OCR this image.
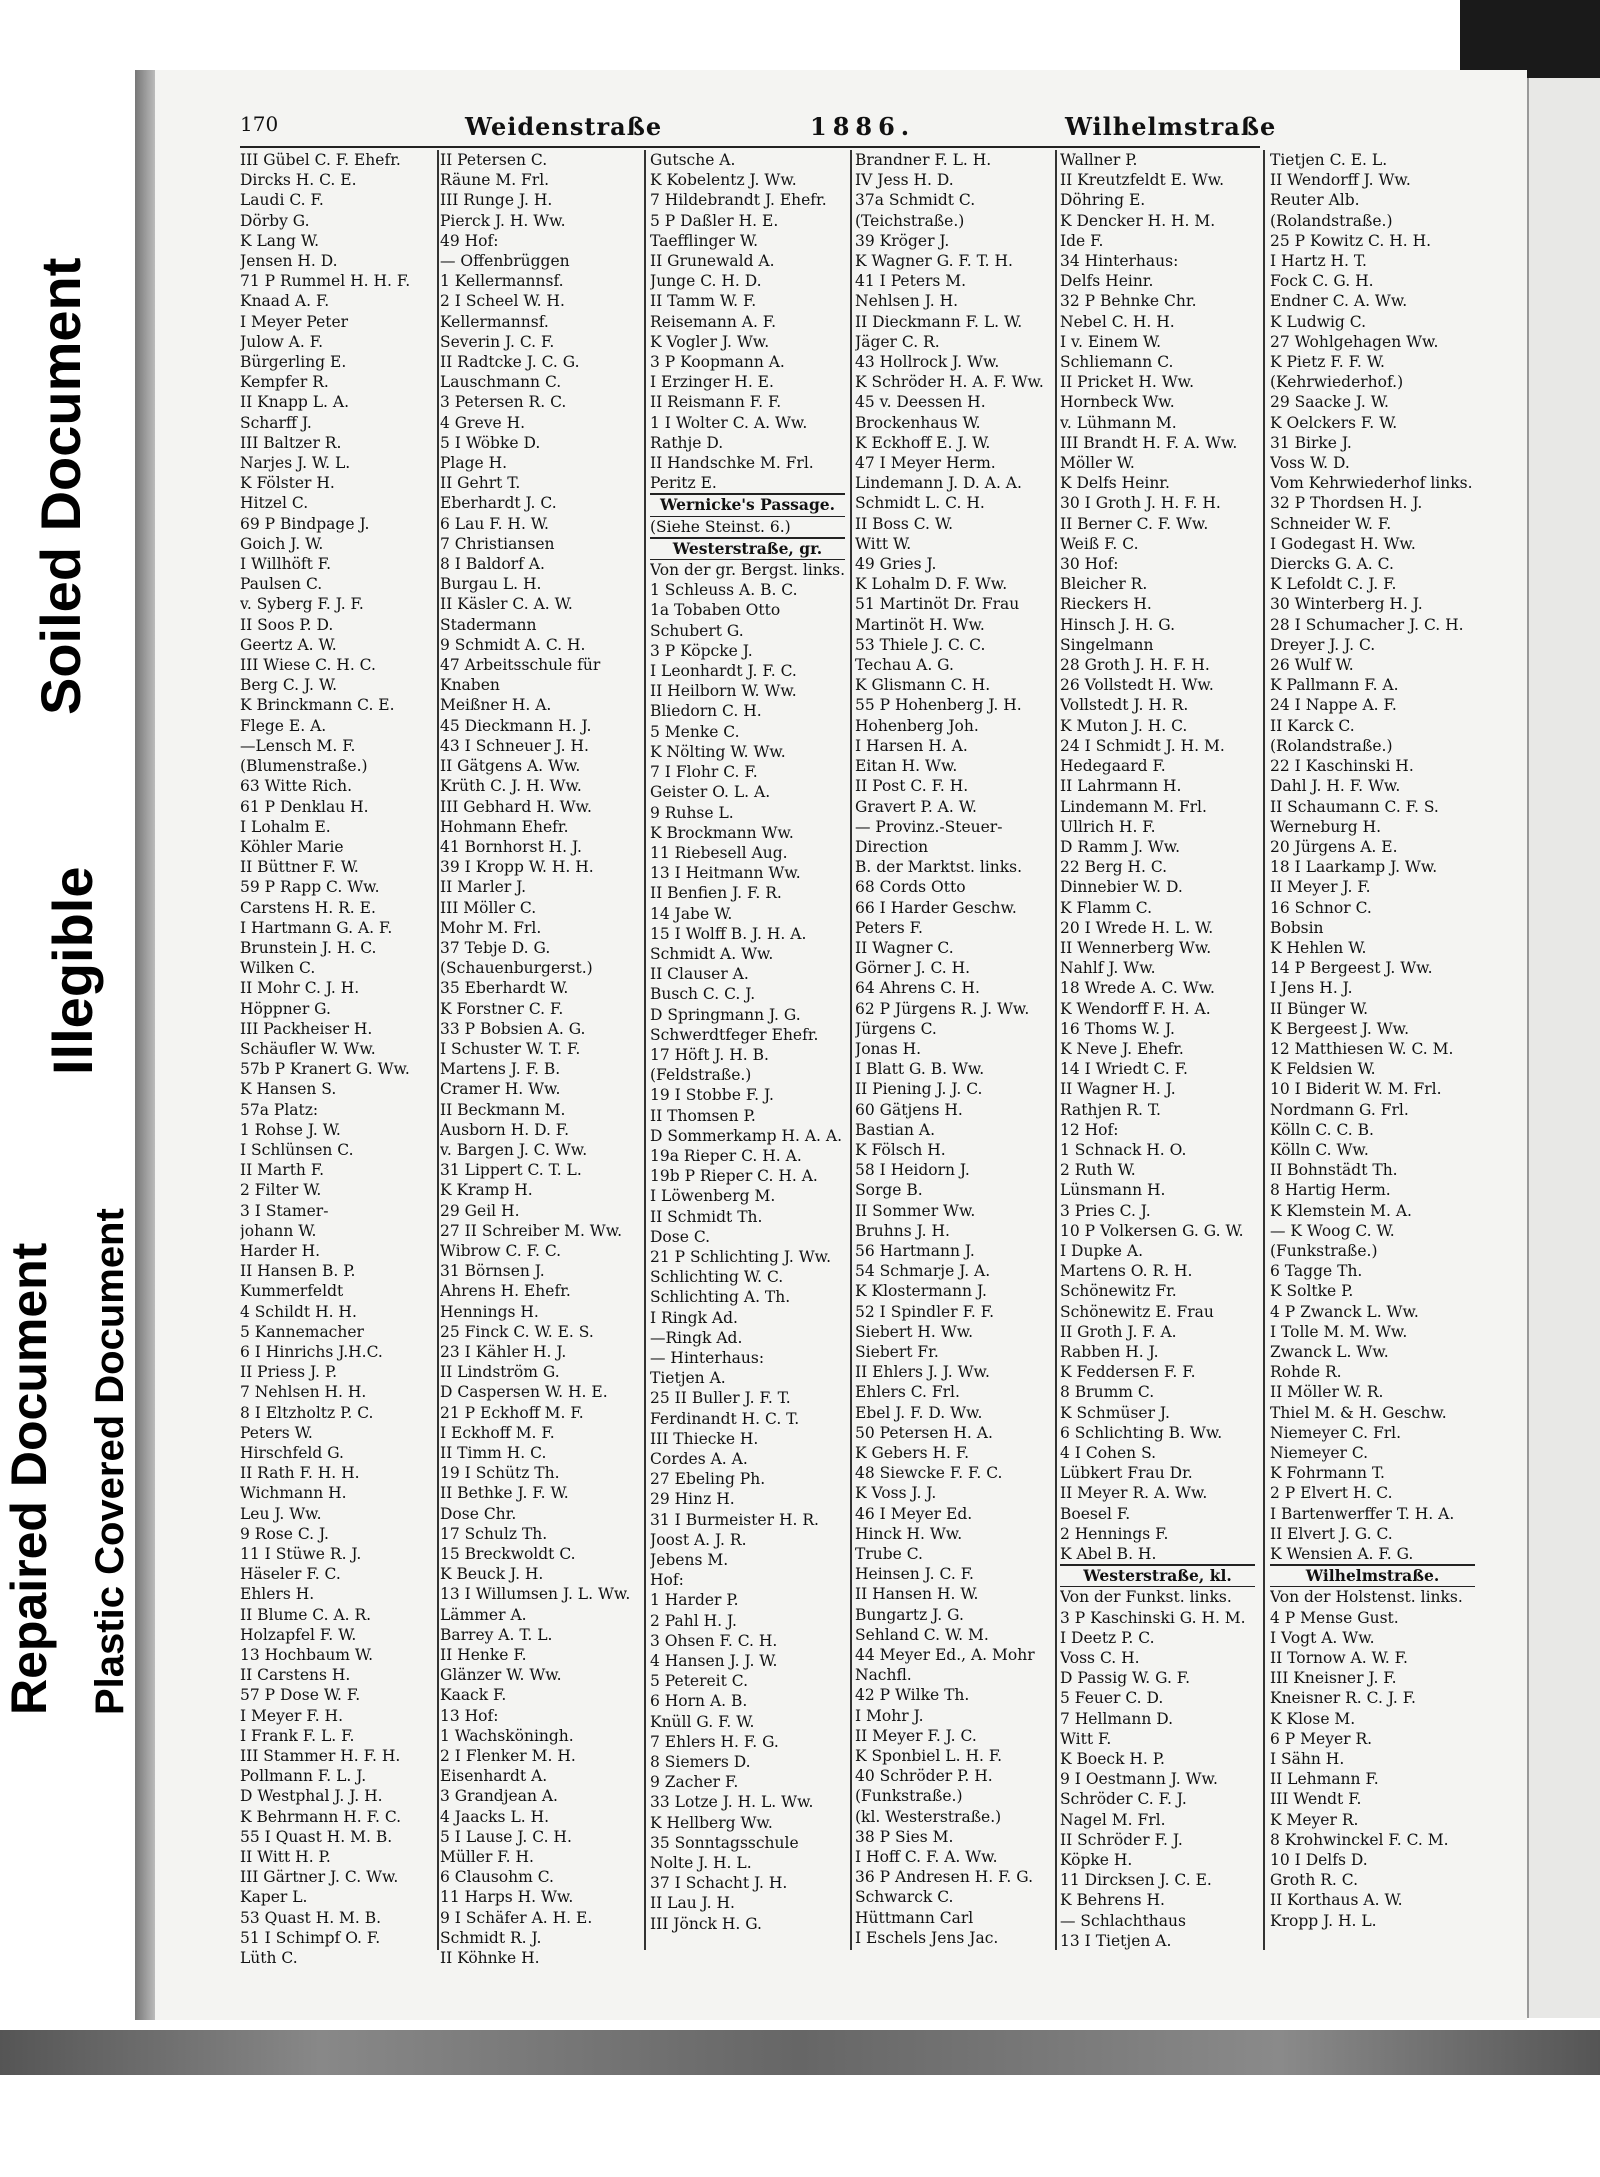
Soiled Document
Illegible
Repaired Document Plastic Covered Document
170	Weidenstraße	1886.	Wilhelmstraße
III Gübel C. F. Ehefr.
Dircks H. C. E.
Laudi C. F.
Dörby G.
K Lang W.
Jensen H. D.
71 P Rummel H. H. F.
Knaad A. F.
I Meyer Peter
Julow A. F.
Bürgerling E.
Kempfer R.
II Knapp L. A.
Scharff J.
III Baltzer R.
Narjes J. W. L.
K Fölster H.
Hitzel C.
69 P Bindpage J.
Goich J. W.
I Willhöft F.
Paulsen C.
v. Syberg F. J. F.
II Soos P. D.
Geertz A. W.
III Wiese C. H. C.
Berg C. J. W.
K Brinckmann C. E.
Flege E. A.
—Lensch M. F.
(Blumenstraße.)
63 Witte Rich.
61 P Denklau H.
I Lohalm E.
Köhler Marie
II Büttner F. W.
59 P Rapp C. Ww.
Carstens H. R. E.
I Hartmann G. A. F.
Brunstein J. H. C.
Wilken C.
II Mohr C. J. H.
Höppner G.
III Packheiser H.
Schäufler W. Ww.
57b P Kranert G. Ww.
K Hansen S.
57a Platz:
1 Rohse J. W.
I Schlünsen C.
II Marth F.
2 Filter W.
3 I Stamer-
johann W.
Harder H.
II Hansen B. P.
Kummerfeldt
4 Schildt H. H.
5 Kannemacher
6 I Hinrichs J.H.C.
II Priess J. P.
7 Nehlsen H. H.
8 I Eltzholtz P. C.
Peters W.
Hirschfeld G.
II Rath F. H. H.
Wichmann H.
Leu J. Ww.
9 Rose C. J.
11 I Stüwe R. J.
Häseler F. C.
Ehlers H.
II Blume C. A. R.
Holzapfel F. W.
13 Hochbaum W.
II Carstens H.
57 P Dose W. F.
I Meyer F. H.
I Frank F. L. F.
III Stammer H. F. H.
Pollmann F. L. J.
D Westphal J. J. H.
K Behrmann H. F. C.
55 I Quast H. M. B.
II Witt H. P.
III Gärtner J. C. Ww.
Kaper L.
53 Quast H. M. B.
51 I Schimpf O. F.
Lüth C.
II Petersen C.
Räune M. Frl.
III Runge J. H.
Pierck J. H. Ww.
49 Hof:
— Offenbrüggen
1 Kellermannsf.
2 I Scheel W. H.
Kellermannsf.
Severin J. C. F.
II Radtcke J. C. G.
Lauschmann C.
3 Petersen R. C.
4 Greve H.
5 I Wöbke D.
Plage H.
II Gehrt T.
Eberhardt J. C.
6 Lau F. H. W.
7 Christiansen
8 I Baldorf A.
Burgau L. H.
II Käsler C. A. W.
Stadermann
9 Schmidt A. C. H.
47 Arbeitsschule für
Knaben
Meißner H. A.
45 Dieckmann H. J.
43 I Schneuer J. H.
II Gätgens A. Ww.
Krüth C. J. H. Ww.
III Gebhard H. Ww.
Hohmann Ehefr.
41 Bornhorst H. J.
39 I Kropp W. H. H.
II Marler J.
III Möller C.
Mohr M. Frl.
37 Tebje D. G.
(Schauenburgerst.)
35 Eberhardt W.
K Forstner C. F.
33 P Bobsien A. G.
I Schuster W. T. F.
Martens J. F. B.
Cramer H. Ww.
II Beckmann M.
Ausborn H. D. F.
v. Bargen J. C. Ww.
31 Lippert C. T. L.
K Kramp H.
29 Geil H.
27 II Schreiber M. Ww.
Wibrow C. F. C.
31 Börnsen J.
Ahrens H. Ehefr.
Hennings H.
25 Finck C. W. E. S.
23 I Kähler H. J.
II Lindström G.
D Caspersen W. H. E.
21 P Eckhoff M. F.
I Eckhoff M. F.
II Timm H. C.
19 I Schütz Th.
II Bethke J. F. W.
Dose Chr.
17 Schulz Th.
15 Breckwoldt C.
K Beuck J. H.
13 I Willumsen J. L. Ww.
Lämmer A.
Barrey A. T. L.
II Henke F.
Glänzer W. Ww.
Kaack F.
13 Hof:
1 Wachsköningh.
2 I Flenker M. H.
Eisenhardt A.
3 Grandjean A.
4 Jaacks L. H.
5 I Lause J. C. H.
Müller F. H.
6 Clausohm C.
11 Harps H. Ww.
9 I Schäfer A. H. E.
Schmidt R. J.
II Köhnke H.
Gutsche A.
K Kobelentz J. Ww.
7 Hildebrandt J. Ehefr.
5 P Daßler H. E.
Taefflinger W.
II Grunewald A.
Junge C. H. D.
II Tamm W. F.
Reisemann A. F.
K Vogler J. Ww.
3 P Koopmann A.
I Erzinger H. E.
II Reismann F. F.
1 I Wolter C. A. Ww.
Rathje D.
II Handschke M. Frl.
Peritz E.
Wernicke's Passage.
(Siehe Steinst. 6.)
Westerstraße, gr.
Von der gr. Bergst. links.
1 Schleuss A. B. C.
1a Tobaben Otto
Schubert G.
3 P Köpcke J.
I Leonhardt J. F. C.
II Heilborn W. Ww.
Bliedorn C. H.
5 Menke C.
K Nölting W. Ww.
7 I Flohr C. F.
Geister O. L. A.
9 Ruhse L.
K Brockmann Ww.
11 Riebesell Aug.
13 I Heitmann Ww.
II Benfien J. F. R.
14 Jabe W.
15 I Wolff B. J. H. A.
Schmidt A. Ww.
II Clauser A.
Busch C. C. J.
D Springmann J. G.
Schwerdtfeger Ehefr.
17 Höft J. H. B.
(Feldstraße.)
19 I Stobbe F. J.
II Thomsen P.
D Sommerkamp H. A. A.
19a Rieper C. H. A.
19b P Rieper C. H. A.
I Löwenberg M.
II Schmidt Th.
Dose C.
21 P Schlichting J. Ww.
Schlichting W. C.
Schlichting A. Th.
I Ringk Ad.
—Ringk Ad.
— Hinterhaus:
Tietjen A.
25 II Buller J. F. T.
Ferdinandt H. C. T.
III Thiecke H.
Cordes A. A.
27 Ebeling Ph.
29 Hinz H.
31 I Burmeister H. R.
Joost A. J. R.
Jebens M.
Hof:
1 Harder P.
2 Pahl H. J.
3 Ohsen F. C. H.
4 Hansen J. J. W.
5 Petereit C.
6 Horn A. B.
Knüll G. F. W.
7 Ehlers H. F. G.
8 Siemers D.
9 Zacher F.
33 Lotze J. H. L. Ww.
K Hellberg Ww.
35 Sonntagsschule
Nolte J. H. L.
37 I Schacht J. H.
II Lau J. H.
III Jönck H. G.
Brandner F. L. H.
IV Jess H. D.
37a Schmidt C.
(Teichstraße.)
39 Kröger J.
K Wagner G. F. T. H.
41 I Peters M.
Nehlsen J. H.
II Dieckmann F. L. W.
Jäger C. R.
43 Hollrock J. Ww.
K Schröder H. A. F. Ww.
45 v. Deessen H.
Brockenhaus W.
K Eckhoff E. J. W.
47 I Meyer Herm.
Lindemann J. D. A. A.
Schmidt L. C. H.
II Boss C. W.
Witt W.
49 Gries J.
K Lohalm D. F. Ww.
51 Martinöt Dr. Frau
Martinöt H. Ww.
53 Thiele J. C. C.
Techau A. G.
K Glismann C. H.
55 P Hohenberg J. H.
Hohenberg Joh.
I Harsen H. A.
Eitan H. Ww.
II Post C. F. H.
Gravert P. A. W.
— Provinz.-Steuer-
Direction
B. der Marktst. links.
68 Cords Otto
66 I Harder Geschw.
Peters F.
II Wagner C.
Görner J. C. H.
64 Ahrens C. H.
62 P Jürgens R. J. Ww.
Jürgens C.
Jonas H.
I Blatt G. B. Ww.
II Piening J. J. C.
60 Gätjens H.
Bastian A.
K Fölsch H.
58 I Heidorn J.
Sorge B.
II Sommer Ww.
Bruhns J. H.
56 Hartmann J.
54 Schmarje J. A.
K Klostermann J.
52 I Spindler F. F.
Siebert H. Ww.
Siebert Fr.
II Ehlers J. J. Ww.
Ehlers C. Frl.
Ebel J. F. D. Ww.
50 Petersen H. A.
K Gebers H. F.
48 Siewcke F. F. C.
K Voss J. J.
46 I Meyer Ed.
Hinck H. Ww.
Trube C.
Heinsen J. C. F.
II Hansen H. W.
Bungartz J. G.
Sehland C. W. M.
44 Meyer Ed., A. Mohr
Nachfl.
42 P Wilke Th.
I Mohr J.
II Meyer F. J. C.
K Sponbiel L. H. F.
40 Schröder P. H.
(Funkstraße.)
(kl. Westerstraße.)
38 P Sies M.
I Hoff C. F. A. Ww.
36 P Andresen H. F. G.
Schwarck C.
Hüttmann Carl
I Eschels Jens Jac.
Wallner P.
II Kreutzfeldt E. Ww.
Döhring E.
K Dencker H. H. M.
Ide F.
34 Hinterhaus:
Delfs Heinr.
32 P Behnke Chr.
Nebel C. H. H.
I v. Einem W.
Schliemann C.
II Pricket H. Ww.
Hornbeck Ww.
v. Lühmann M.
III Brandt H. F. A. Ww.
Möller W.
K Delfs Heinr.
30 I Groth J. H. F. H.
II Berner C. F. Ww.
Weiß F. C.
30 Hof:
Bleicher R.
Rieckers H.
Hinsch J. H. G.
Singelmann
28 Groth J. H. F. H.
26 Vollstedt H. Ww.
Vollstedt J. H. R.
K Muton J. H. C.
24 I Schmidt J. H. M.
Hedegaard F.
II Lahrmann H.
Lindemann M. Frl.
Ullrich H. F.
D Ramm J. Ww.
22 Berg H. C.
Dinnebier W. D.
K Flamm C.
20 I Wrede H. L. W.
II Wennerberg Ww.
Nahlf J. Ww.
18 Wrede A. C. Ww.
K Wendorff F. H. A.
16 Thoms W. J.
K Neve J. Ehefr.
14 I Wriedt C. F.
II Wagner H. J.
Rathjen R. T.
12 Hof:
1 Schnack H. O.
2 Ruth W.
Lünsmann H.
3 Pries C. J.
10 P Volkersen G. G. W.
I Dupke A.
Martens O. R. H.
Schönewitz Fr.
Schönewitz E. Frau
II Groth J. F. A.
Rabben H. J.
K Feddersen F. F.
8 Brumm C.
K Schmüser J.
6 Schlichting B. Ww.
4 I Cohen S.
Lübkert Frau Dr.
II Meyer R. A. Ww.
Boesel F.
2 Hennings F.
K Abel B. H.
Westerstraße, kl.
Von der Funkst. links.
3 P Kaschinski G. H. M.
I Deetz P. C.
Voss C. H.
D Passig W. G. F.
5 Feuer C. D.
7 Hellmann D.
Witt F.
K Boeck H. P.
9 I Oestmann J. Ww.
Schröder C. F. J.
Nagel M. Frl.
II Schröder F. J.
Köpke H.
11 Dircksen J. C. E.
K Behrens H.
— Schlachthaus
13 I Tietjen A.
Tietjen C. E. L.
II Wendorff J. Ww.
Reuter Alb.
(Rolandstraße.)
25 P Kowitz C. H. H.
I Hartz H. T.
Fock C. G. H.
Endner C. A. Ww.
K Ludwig C.
27 Wohlgehagen Ww.
K Pietz F. F. W.
(Kehrwiederhof.)
29 Saacke J. W.
K Oelckers F. W.
31 Birke J.
Voss W. D.
Vom Kehrwiederhof links.
32 P Thordsen H. J.
Schneider W. F.
I Godegast H. Ww.
Diercks G. A. C.
K Lefoldt C. J. F.
30 Winterberg H. J.
28 I Schumacher J. C. H.
Dreyer J. J. C.
26 Wulf W.
K Pallmann F. A.
24 I Nappe A. F.
II Karck C.
(Rolandstraße.)
22 I Kaschinski H.
Dahl J. H. F. Ww.
II Schaumann C. F. S.
Werneburg H.
20 Jürgens A. E.
18 I Laarkamp J. Ww.
II Meyer J. F.
16 Schnor C.
Bobsin
K Hehlen W.
14 P Bergeest J. Ww.
I Jens H. J.
II Bünger W.
K Bergeest J. Ww.
12 Matthiesen W. C. M.
K Feldsien W.
10 I Biderit W. M. Frl.
Nordmann G. Frl.
Kölln C. C. B.
Kölln C. Ww.
II Bohnstädt Th.
8 Hartig Herm.
K Klemstein M. A.
— K Woog C. W.
(Funkstraße.)
6 Tagge Th.
K Soltke P.
4 P Zwanck L. Ww.
I Tolle M. M. Ww.
Zwanck L. Ww.
Rohde R.
II Möller W. R.
Thiel M. & H. Geschw.
Niemeyer C. Frl.
Niemeyer C.
K Fohrmann T.
2 P Elvert H. C.
I Bartenwerffer T. H. A.
II Elvert J. G. C.
K Wensien A. F. G.
Wilhelmstraße.
Von der Holstenst. links.
4 P Mense Gust.
I Vogt A. Ww.
II Tornow A. W. F.
III Kneisner J. F.
Kneisner R. C. J. F.
K Klose M.
6 P Meyer R.
I Sähn H.
II Lehmann F.
III Wendt F.
K Meyer R.
8 Krohwinckel F. C. M.
10 I Delfs D.
Groth R. C.
II Korthaus A. W.
Kropp J. H. L.
